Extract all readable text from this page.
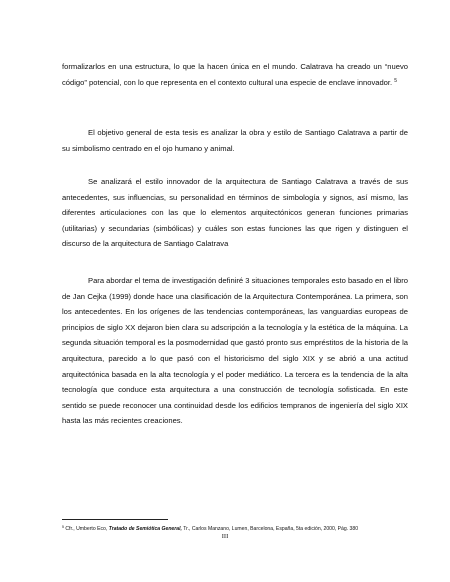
formalizarlos en una estructura, lo que la hacen única en el mundo. Calatrava ha creado un “nuevo código” potencial, con lo que representa en el contexto cultural una especie de enclave innovador. $^5$

El objetivo general de esta tesis es analizar la obra y estilo de Santiago Calatrava a partir de su simbolismo centrado en el ojo humano y animal.

Se analizará el estilo innovador de la arquitectura de Santiago Calatrava a través de sus antecedentes, sus influencias, su personalidad en términos de simbología y signos, así mismo, las diferentes articulaciones con las que lo elementos arquitectónicos generan funciones primarias (utilitarias) y secundarias (simbólicas) y cuáles son estas funciones las que rigen y distinguen el discurso de la arquitectura de Santiago Calatrava

Para abordar el tema de investigación definiré 3 situaciones temporales esto basado en el libro de Jan Cejka (1999) donde hace una clasificación de la Arquitectura Contemporánea. La primera, son los antecedentes. En los orígenes de las tendencias contemporáneas, las vanguardias europeas de principios de siglo XX dejaron bien clara su adscripción a la tecnología y la estética de la máquina. La segunda situación temporal es la posmodernidad que gastó pronto sus empréstitos de la historia de la arquitectura, parecido a lo que pasó con el historicismo del siglo XIX y se abrió a una actitud arquitectónica basada en la alta tecnología y el poder mediático. La tercera es la tendencia de la alta tecnología que conduce esta arquitectura a una construcción de tecnología sofisticada. En este sentido se puede reconocer una continuidad desde los edificios tempranos de ingeniería del siglo XIX hasta las más recientes creaciones.

$^5$ Cfr., Umberto Eco, Tratado de Semiótica General, Tr., Carlos Manzano, Lumen, Barcelona, España, 5ta edición, 2000, Pág. 380
III
